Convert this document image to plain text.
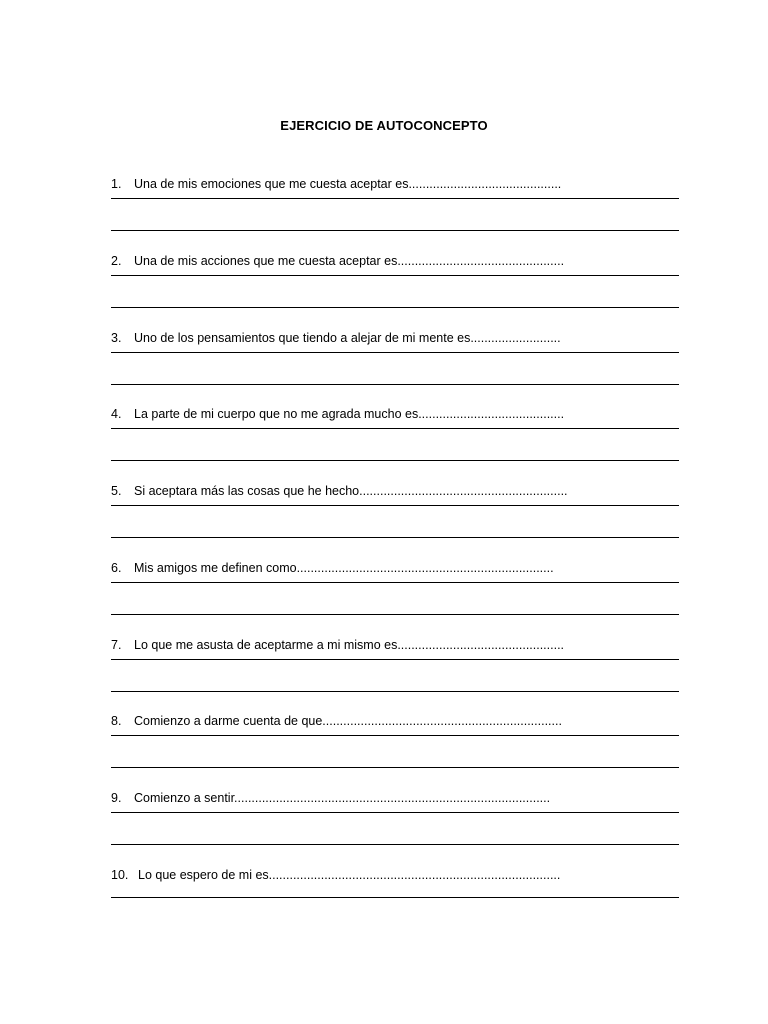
EJERCICIO DE AUTOCONCEPTO
1. Una de mis emociones que me cuesta aceptar es............................................
2. Una de mis acciones que me cuesta aceptar es................................................
3. Uno de los pensamientos que tiendo a alejar de mi mente es..........................
4. La parte de mi cuerpo que no me agrada mucho es..........................................
5. Si aceptara más las cosas que he hecho............................................................
6. Mis amigos me definen como..........................................................................
7. Lo que me asusta de aceptarme a mi mismo es................................................
8. Comienzo a darme cuenta de que.....................................................................
9. Comienzo a sentir...........................................................................................
10. Lo que espero de mi es....................................................................................
